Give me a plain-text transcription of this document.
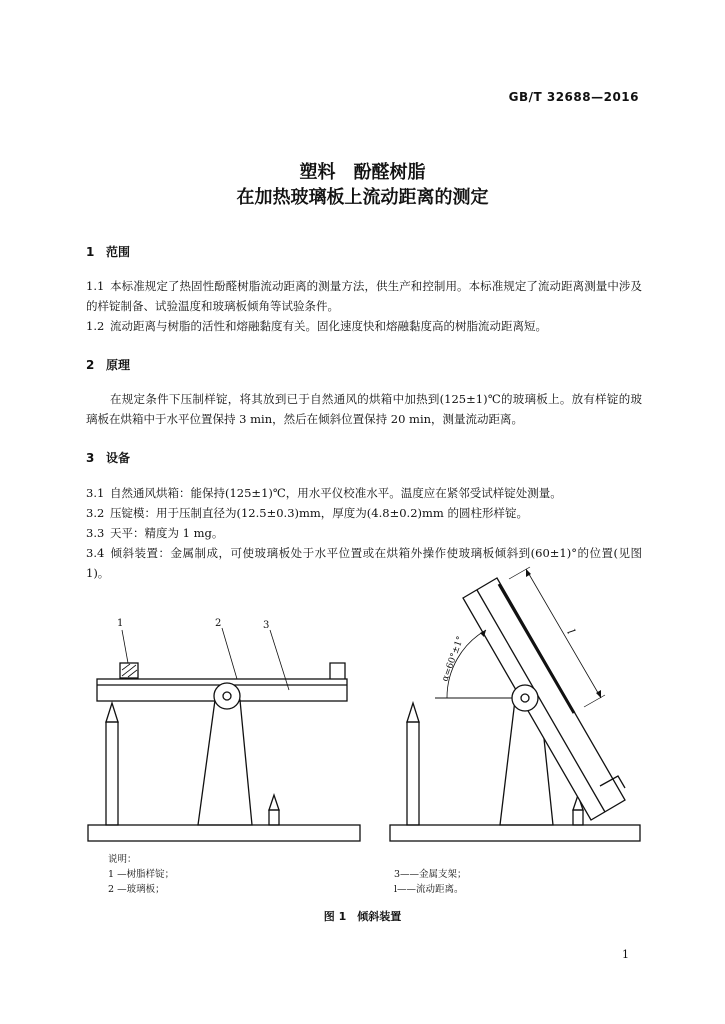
GB/T 32688—2016
塑料　酚醛树脂
在加热玻璃板上流动距离的测定
1 范围
1.1 本标准规定了热固性酚醛树脂流动距离的测量方法，供生产和控制用。本标准规定了流动距离测量中涉及的样锭制备、试验温度和玻璃板倾角等试验条件。
1.2 流动距离与树脂的活性和熔融黏度有关。固化速度快和熔融黏度高的树脂流动距离短。
2 原理
在规定条件下压制样锭，将其放到已于自然通风的烘箱中加热到(125±1)℃的玻璃板上。放有样锭的玻璃板在烘箱中于水平位置保持 3 min，然后在倾斜位置保持 20 min，测量流动距离。
3 设备
3.1 自然通风烘箱：能保持(125±1)℃，用水平仪校准水平。温度应在紧邻受试样锭处测量。
3.2 压锭模：用于压制直径为(12.5±0.3)mm，厚度为(4.8±0.2)mm 的圆柱形样锭。
3.3 天平：精度为 1 mg。
3.4 倾斜装置：金属制成，可使玻璃板处于水平位置或在烘箱外操作使玻璃板倾斜到(60±1)°的位置(见图 1)。
1	2	3
α=60°±1°
l
说明：
1 —树脂样锭；
2 —玻璃板；
3——金属支架；
l——流动距离。
图 1　倾斜装置
1
